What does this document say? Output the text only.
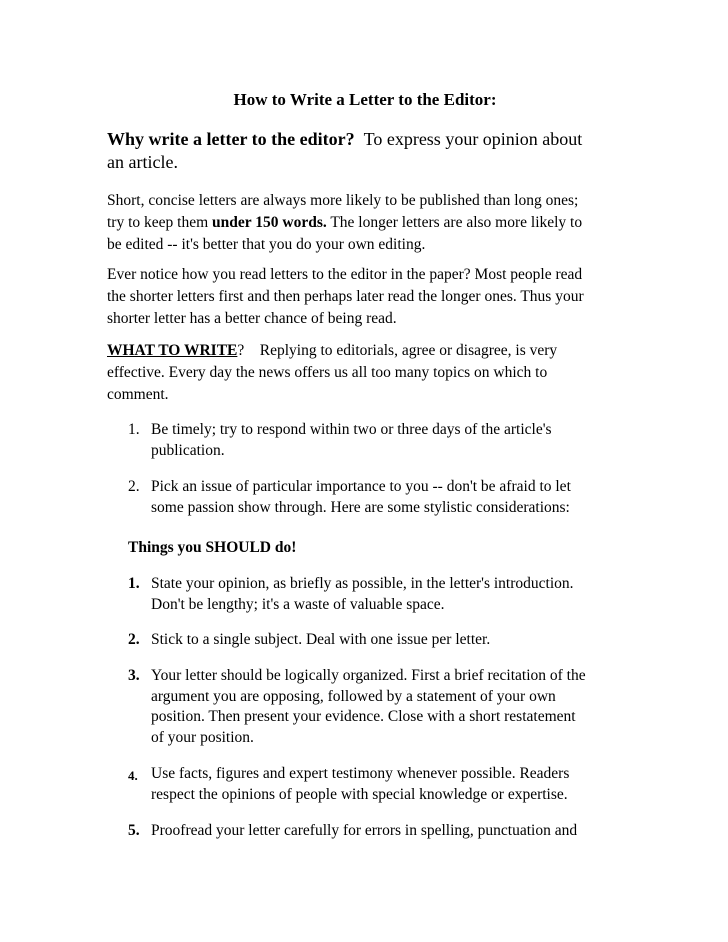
How to Write a Letter to the Editor:

Why write a letter to the editor? To express your opinion about
an article.

Short, concise letters are always more likely to be published than long ones;
try to keep them under 150 words. The longer letters are also more likely to
be edited -- it's better that you do your own editing.

Ever notice how you read letters to the editor in the paper? Most people read
the shorter letters first and then perhaps later read the longer ones. Thus your
shorter letter has a better chance of being read.

WHAT TO WRITE?    Replying to editorials, agree or disagree, is very
effective. Every day the news offers us all too many topics on which to
comment.

1. Be timely; try to respond within two or three days of the article's
publication.
2. Pick an issue of particular importance to you -- don't be afraid to let
some passion show through. Here are some stylistic considerations:

Things you SHOULD do!

1. State your opinion, as briefly as possible, in the letter's introduction.
Don't be lengthy; it's a waste of valuable space.
2. Stick to a single subject. Deal with one issue per letter.
3. Your letter should be logically organized. First a brief recitation of the
argument you are opposing, followed by a statement of your own
position. Then present your evidence. Close with a short restatement
of your position.
4. Use facts, figures and expert testimony whenever possible. Readers
respect the opinions of people with special knowledge or expertise.
5. Proofread your letter carefully for errors in spelling, punctuation and
